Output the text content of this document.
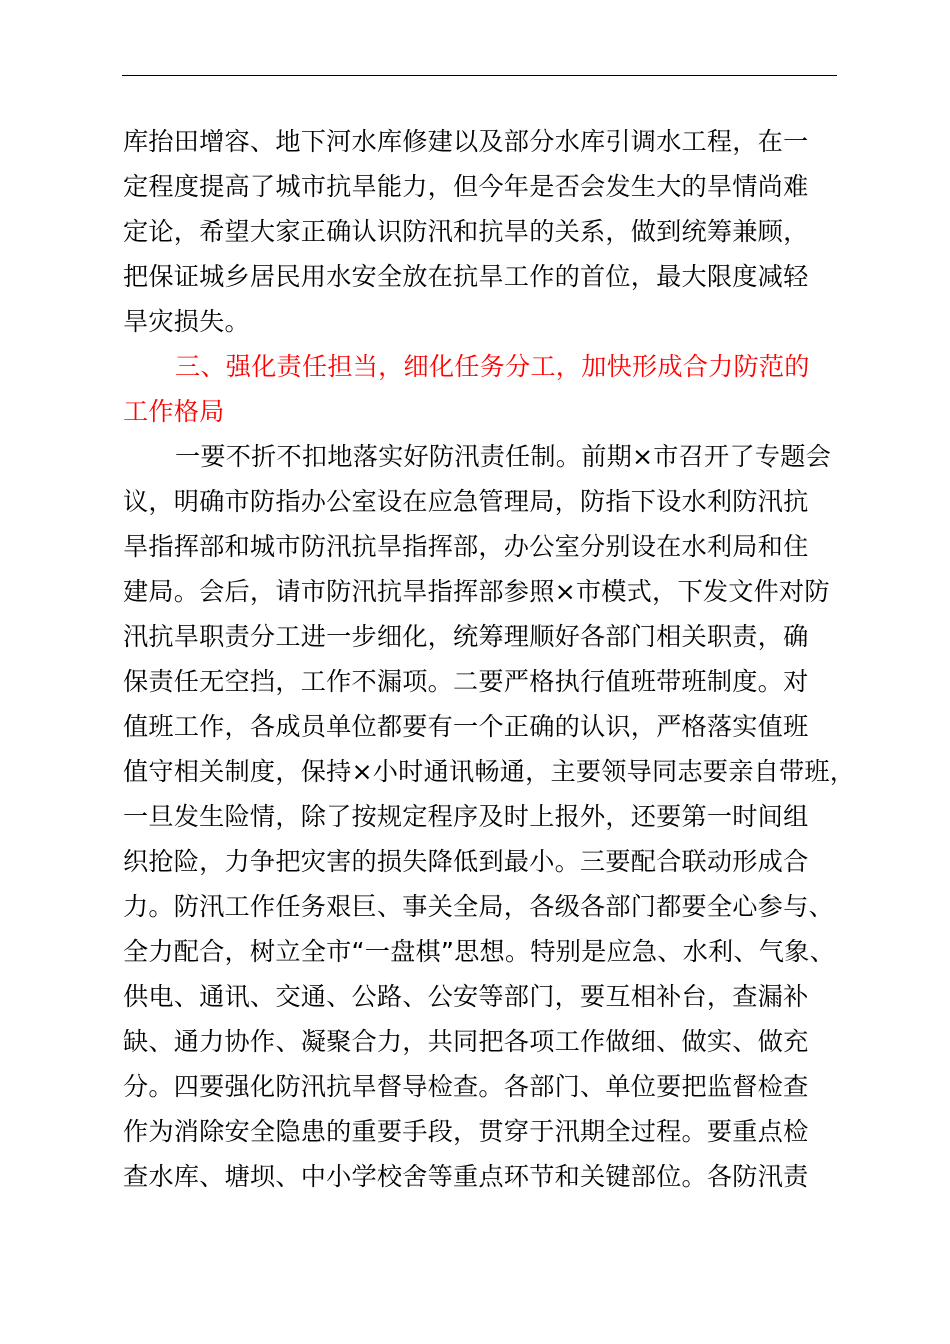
库抬田增容、地下河水库修建以及部分水库引调水工程，在一
定程度提高了城市抗旱能力，但今年是否会发生大的旱情尚难
定论，希望大家正确认识防汛和抗旱的关系，做到统筹兼顾，
把保证城乡居民用水安全放在抗旱工作的首位，最大限度减轻
旱灾损失。
三、强化责任担当，细化任务分工，加快形成合力防范的
工作格局
一要不折不扣地落实好防汛责任制。前期×市召开了专题会
议，明确市防指办公室设在应急管理局，防指下设水利防汛抗
旱指挥部和城市防汛抗旱指挥部，办公室分别设在水利局和住
建局。会后，请市防汛抗旱指挥部参照×市模式，下发文件对防
汛抗旱职责分工进一步细化，统筹理顺好各部门相关职责，确
保责任无空挡，工作不漏项。二要严格执行值班带班制度。对
值班工作，各成员单位都要有一个正确的认识，严格落实值班
值守相关制度，保持×小时通讯畅通，主要领导同志要亲自带班，
一旦发生险情，除了按规定程序及时上报外，还要第一时间组
织抢险，力争把灾害的损失降低到最小。三要配合联动形成合
力。防汛工作任务艰巨、事关全局，各级各部门都要全心参与、
全力配合，树立全市“一盘棋”思想。特别是应急、水利、气象、
供电、通讯、交通、公路、公安等部门，要互相补台，查漏补
缺、通力协作、凝聚合力，共同把各项工作做细、做实、做充
分。四要强化防汛抗旱督导检查。各部门、单位要把监督检查
作为消除安全隐患的重要手段，贯穿于汛期全过程。要重点检
查水库、塘坝、中小学校舍等重点环节和关键部位。各防汛责
